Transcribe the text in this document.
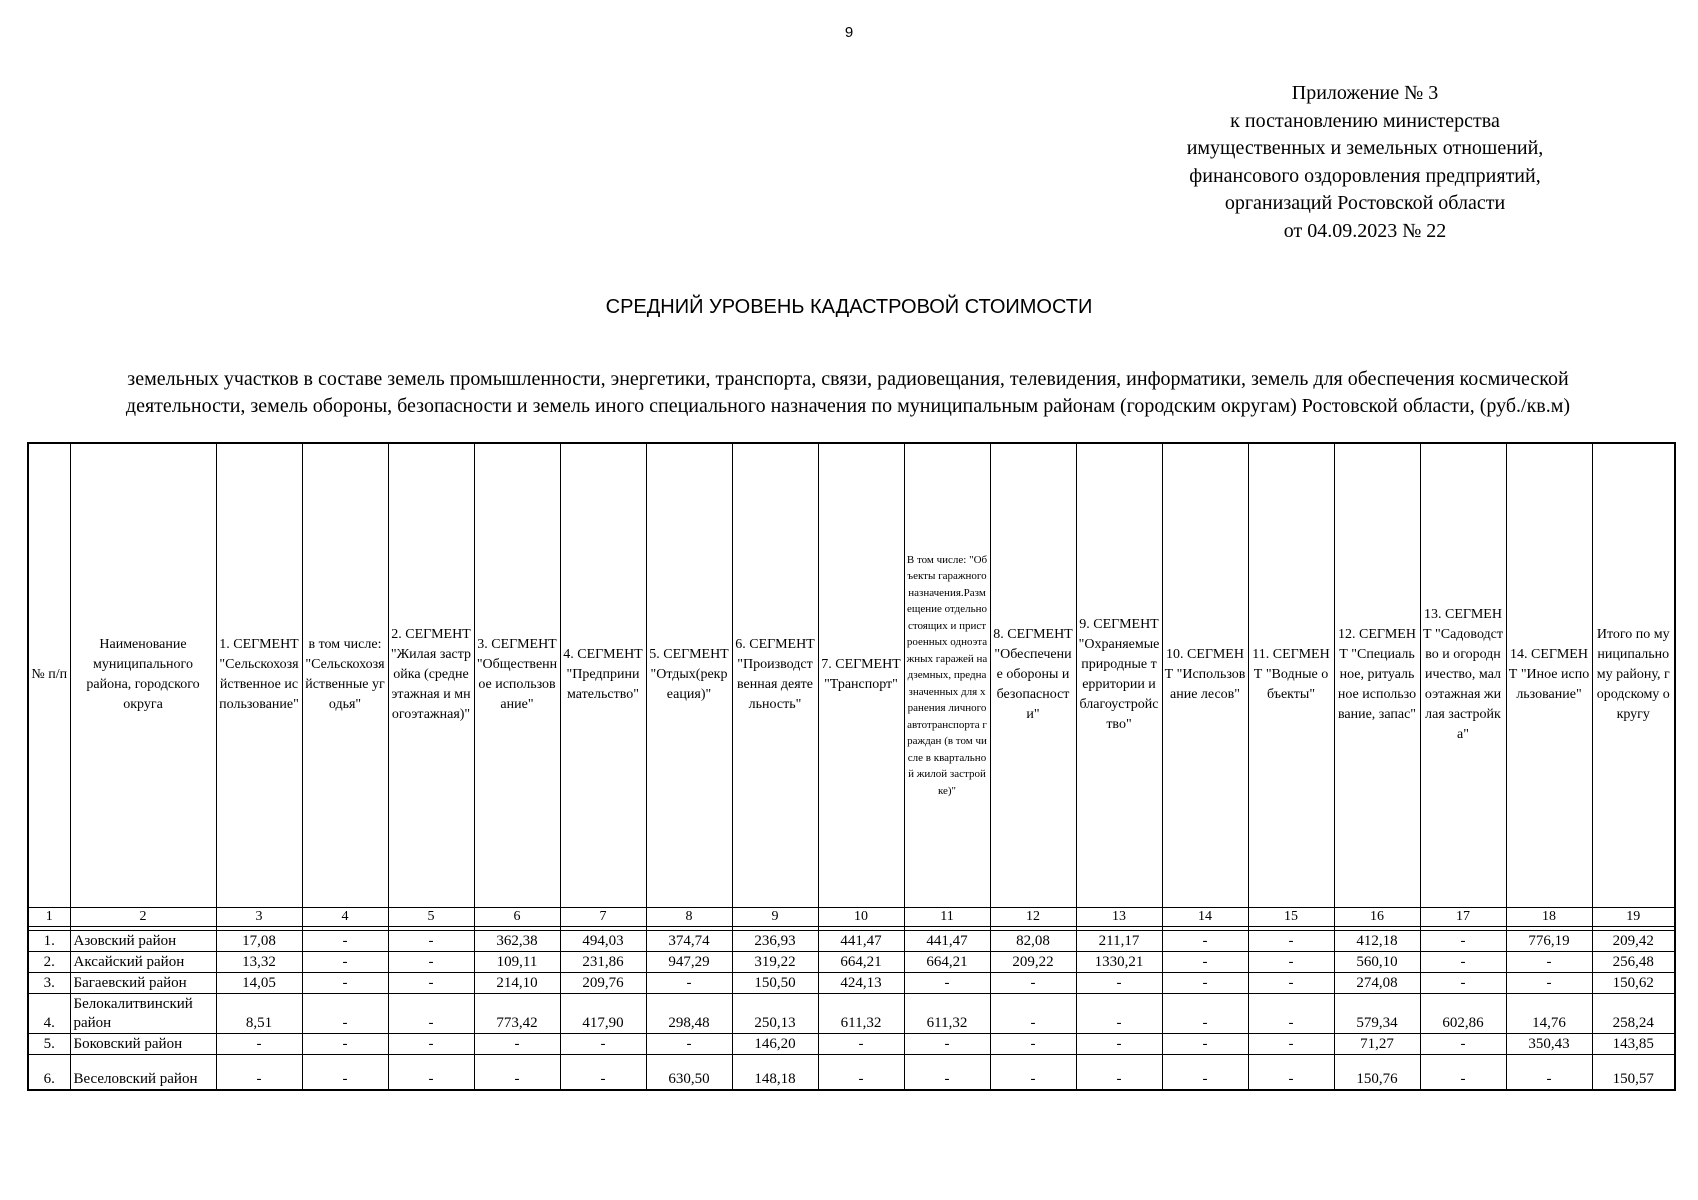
9
Приложение № 3
к постановлению министерства
имущественных и земельных отношений,
финансового оздоровления предприятий,
организаций Ростовской области
от 04.09.2023 № 22
СРЕДНИЙ УРОВЕНЬ КАДАСТРОВОЙ СТОИМОСТИ
земельных участков в составе земель промышленности, энергетики, транспорта, связи, радиовещания, телевидения, информатики, земель для обеспечения космической
деятельности, земель обороны, безопасности и земель иного специального назначения по муниципальным районам (городским округам) Ростовской области, (руб./кв.м)
№ п/п	Наименование муниципального района, городского округа	1. СЕГМЕНТ "Сельскохозяйственное использование"	в том числе: "Сельскохозяйственные угодья"	2. СЕГМЕНТ "Жилая застройка (среднеэтажная и многоэтажная)"	3. СЕГМЕНТ "Общественное использование"	4. СЕГМЕНТ "Предпринимательство"	5. СЕГМЕНТ "Отдых(рекреация)"	6. СЕГМЕНТ "Производственная деятельность"	7. СЕГМЕНТ "Транспорт"	В том числе: "Объекты гаражного назначения.Размещение отдельно стоящих и пристроенных одноэтажных гаражей надземных, предназначенных для хранения личного автотранспорта граждан (в том числе в квартальной жилой застройке)"	8. СЕГМЕНТ "Обеспечение обороны и безопасности"	9. СЕГМЕНТ "Охраняемые природные территории и благоустройство"	10. СЕГМЕНТ "Использование лесов"	11. СЕГМЕНТ "Водные объекты"	12. СЕГМЕНТ "Специальное, ритуальное использование, запас"	13. СЕГМЕНТ "Садоводство и огородничество, малоэтажная жилая застройка"	14. СЕГМЕНТ "Иное использование"	Итого по муниципальному району, городскому округу

1	2	3	4	5	6	7	8	9	10	11	12	13	14	15	16	17	18	19

1.	Азовский район	17,08	-	-	362,38	494,03	374,74	236,93	441,47	441,47	82,08	211,17	-	-	412,18	-	776,19	209,42
2.	Аксайский район	13,32	-	-	109,11	231,86	947,29	319,22	664,21	664,21	209,22	1330,21	-	-	560,10	-	-	256,48
3.	Багаевский район	14,05	-	-	214,10	209,76	-	150,50	424,13	-	-	-	-	-	274,08	-	-	150,62
4.	Белокалитвинский район	8,51	-	-	773,42	417,90	298,48	250,13	611,32	611,32	-	-	-	-	579,34	602,86	14,76	258,24
5.	Боковский район	-	-	-	-	-	-	146,20	-	-	-	-	-	-	71,27	-	350,43	143,85
6.	Веселовский район	-	-	-	-	-	630,50	148,18	-	-	-	-	-	-	150,76	-	-	150,57
